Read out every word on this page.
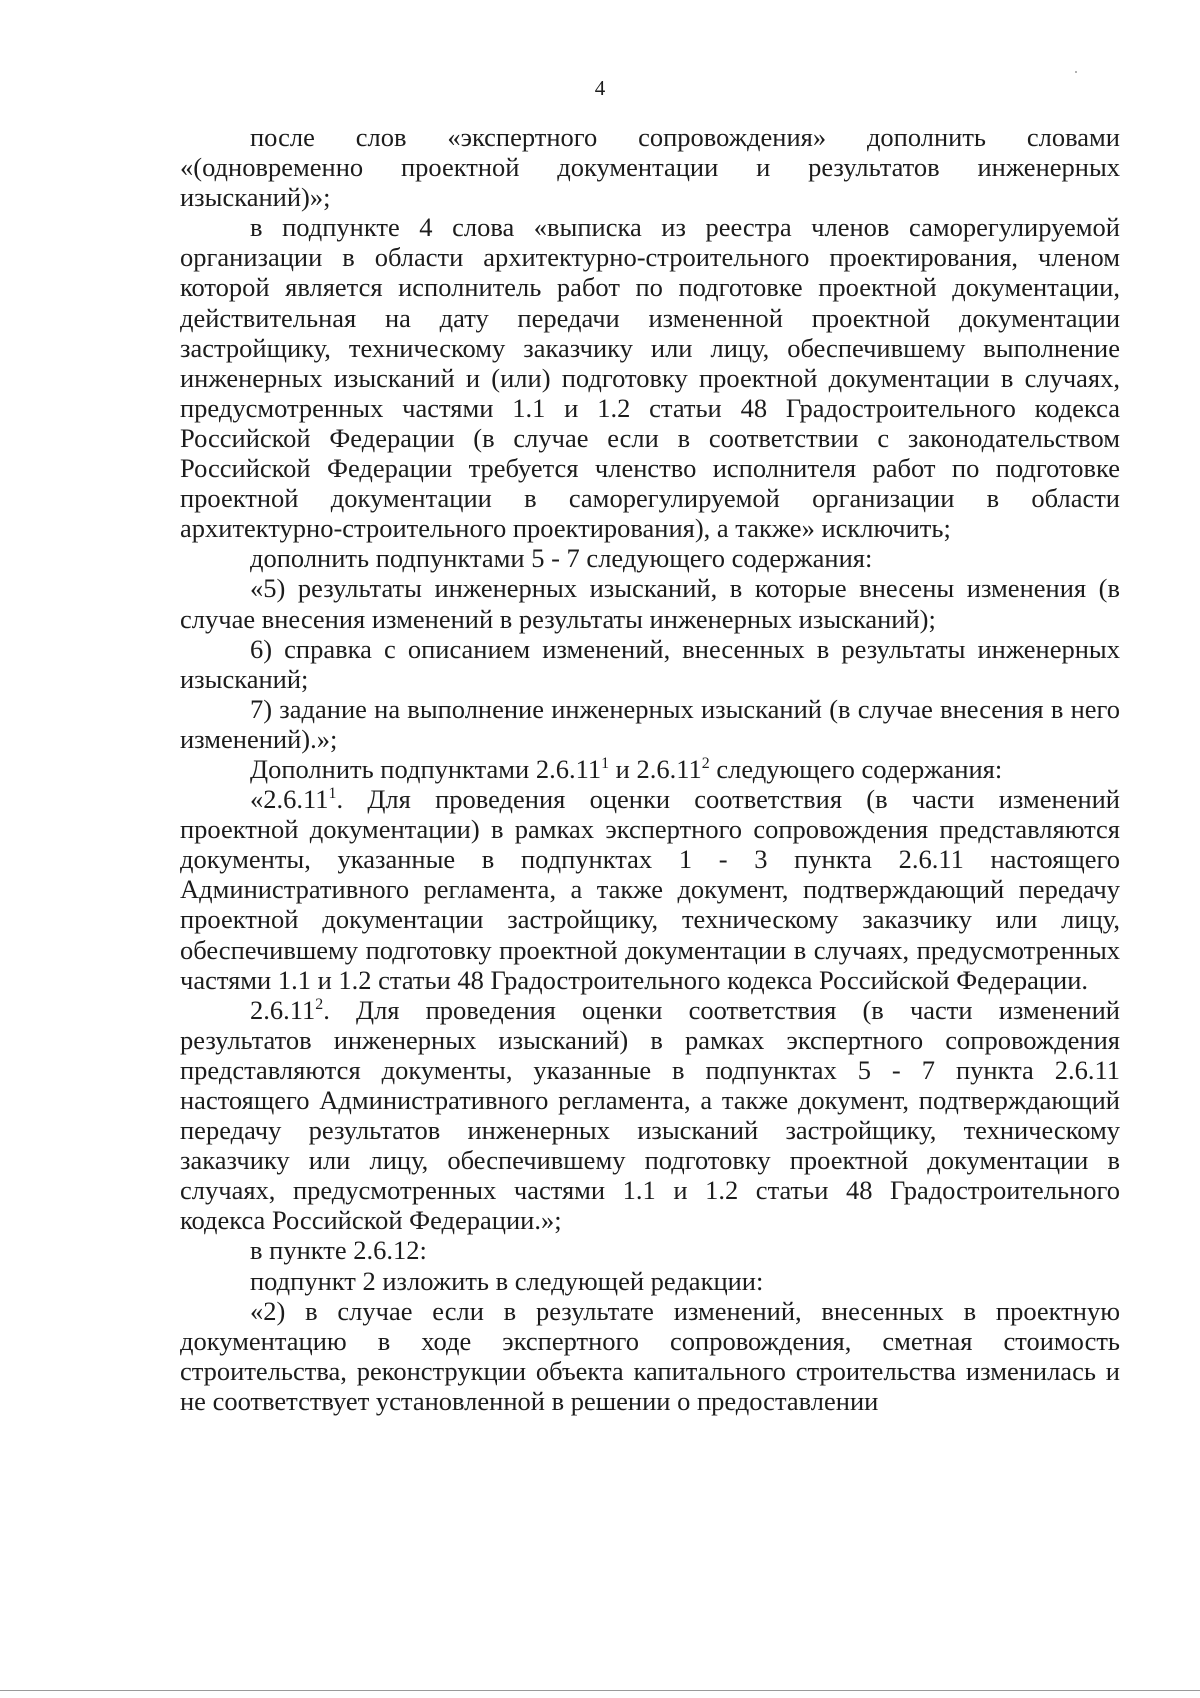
4

после слов «экспертного сопровождения» дополнить словами «(одновременно проектной документации и результатов инженерных изысканий)»;

в подпункте 4 слова «выписка из реестра членов саморегулируемой организации в области архитектурно-строительного проектирования, членом которой является исполнитель работ по подготовке проектной документации, действительная на дату передачи измененной проектной документации застройщику, техническому заказчику или лицу, обеспечившему выполнение инженерных изысканий и (или) подготовку проектной документации в случаях, предусмотренных частями 1.1 и 1.2 статьи 48 Градостроительного кодекса Российской Федерации (в случае если в соответствии с законодательством Российской Федерации требуется членство исполнителя работ по подготовке проектной документации в саморегулируемой организации в области архитектурно-строительного проектирования), а также» исключить;

дополнить подпунктами 5 - 7 следующего содержания:

«5) результаты инженерных изысканий, в которые внесены изменения (в случае внесения изменений в результаты инженерных изысканий);

6) справка с описанием изменений, внесенных в результаты инженерных изысканий;

7) задание на выполнение инженерных изысканий (в случае внесения в него изменений).»;

Дополнить подпунктами 2.6.11$^1$ и 2.6.11$^2$ следующего содержания:

«2.6.11$^1$. Для проведения оценки соответствия (в части изменений проектной документации) в рамках экспертного сопровождения представляются документы, указанные в подпунктах 1 - 3 пункта 2.6.11 настоящего Административного регламента, а также документ, подтверждающий передачу проектной документации застройщику, техническому заказчику или лицу, обеспечившему подготовку проектной документации в случаях, предусмотренных частями 1.1 и 1.2 статьи 48 Градостроительного кодекса Российской Федерации.

2.6.11$^2$. Для проведения оценки соответствия (в части изменений результатов инженерных изысканий) в рамках экспертного сопровождения представляются документы, указанные в подпунктах 5 - 7 пункта 2.6.11 настоящего Административного регламента, а также документ, подтверждающий передачу результатов инженерных изысканий застройщику, техническому заказчику или лицу, обеспечившему подготовку проектной документации в случаях, предусмотренных частями 1.1 и 1.2 статьи 48 Градостроительного кодекса Российской Федерации.»;

в пункте 2.6.12:

подпункт 2 изложить в следующей редакции:

«2) в случае если в результате изменений, внесенных в проектную документацию в ходе экспертного сопровождения, сметная стоимость строительства, реконструкции объекта капитального строительства изменилась и не соответствует установленной в решении о предоставлении
